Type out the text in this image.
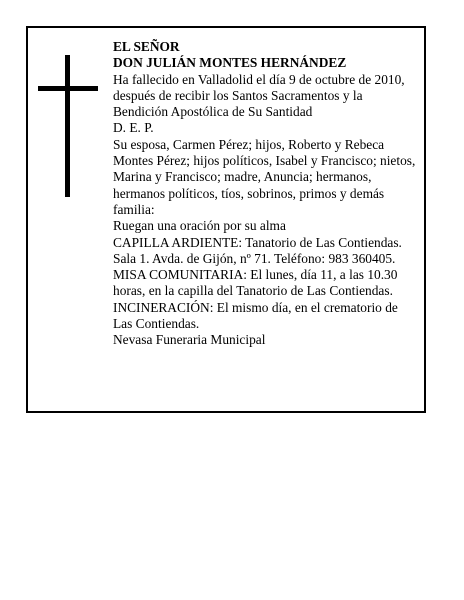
EL SEÑOR

DON JULIÁN MONTES HERNÁNDEZ

Ha fallecido en Valladolid el día 9 de octubre de 2010, después de recibir los Santos Sacramentos y la Bendición Apostólica de Su Santidad

D. E. P.

Su esposa, Carmen Pérez; hijos, Roberto y Rebeca Montes Pérez; hijos políticos, Isabel y Francisco; nietos, Marina y Francisco; madre, Anuncia; hermanos, hermanos políticos, tíos, sobrinos, primos y demás familia:

Ruegan una oración por su alma

CAPILLA ARDIENTE: Tanatorio de Las Contiendas. Sala 1. Avda. de Gijón, nº 71. Teléfono: 983 360405.

MISA COMUNITARIA: El lunes, día 11, a las 10.30 horas, en la capilla del Tanatorio de Las Contiendas.

INCINERACIÓN: El mismo día, en el crematorio de Las Contiendas.

Nevasa Funeraria Municipal
